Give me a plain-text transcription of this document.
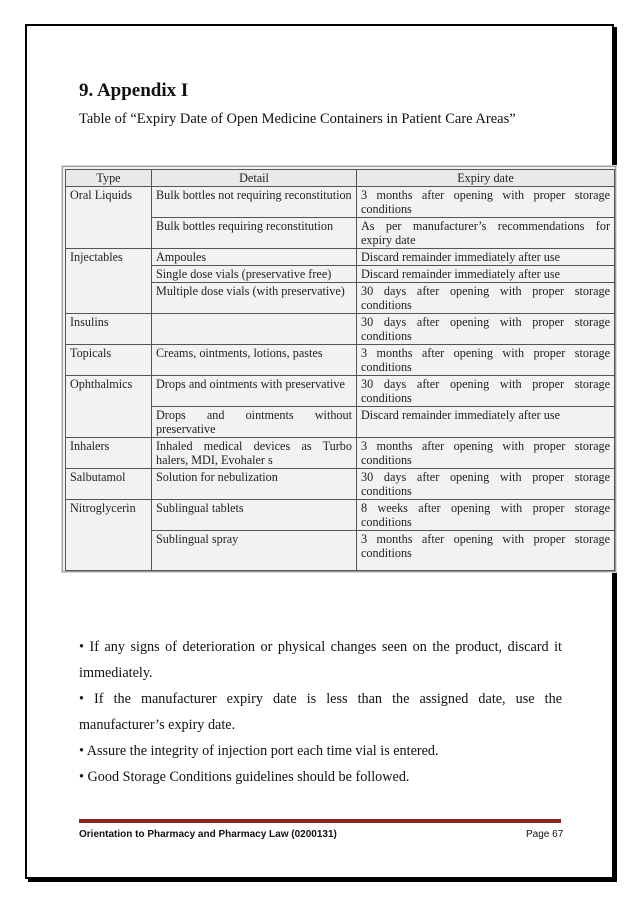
9. Appendix I

Table of “Expiry Date of Open Medicine Containers in Patient Care Areas”

Type	Detail	Expiry date
Oral Liquids	Bulk bottles not requiring reconstitution	3 months after opening with proper storage conditions
	Bulk bottles requiring reconstitution	As per manufacturer’s recommendations for expiry date
Injectables	Ampoules	Discard remainder immediately after use
	Single dose vials (preservative free)	Discard remainder immediately after use
	Multiple dose vials (with preservative)	30 days after opening with proper storage conditions
Insulins		30 days after opening with proper storage conditions
Topicals	Creams, ointments, lotions, pastes	3 months after opening with proper storage conditions
Ophthalmics	Drops and ointments with preservative	30 days after opening with proper storage conditions
	Drops and ointments without preservative	Discard remainder immediately after use
Inhalers	Inhaled medical devices as Turbo halers, MDI, Evohaler s	3 months after opening with proper storage conditions
Salbutamol	Solution for nebulization	30 days after opening with proper storage conditions
Nitroglycerin	Sublingual tablets	8 weeks after opening with proper storage conditions
	Sublingual spray	3 months after opening with proper storage conditions

• If any signs of deterioration or physical changes seen on the product, discard it immediately.

• If the manufacturer expiry date is less than the assigned date, use the manufacturer’s expiry date.

• Assure the integrity of injection port each time vial is entered.

• Good Storage Conditions guidelines should be followed.

Orientation to Pharmacy and Pharmacy Law (0200131)	Page 67
